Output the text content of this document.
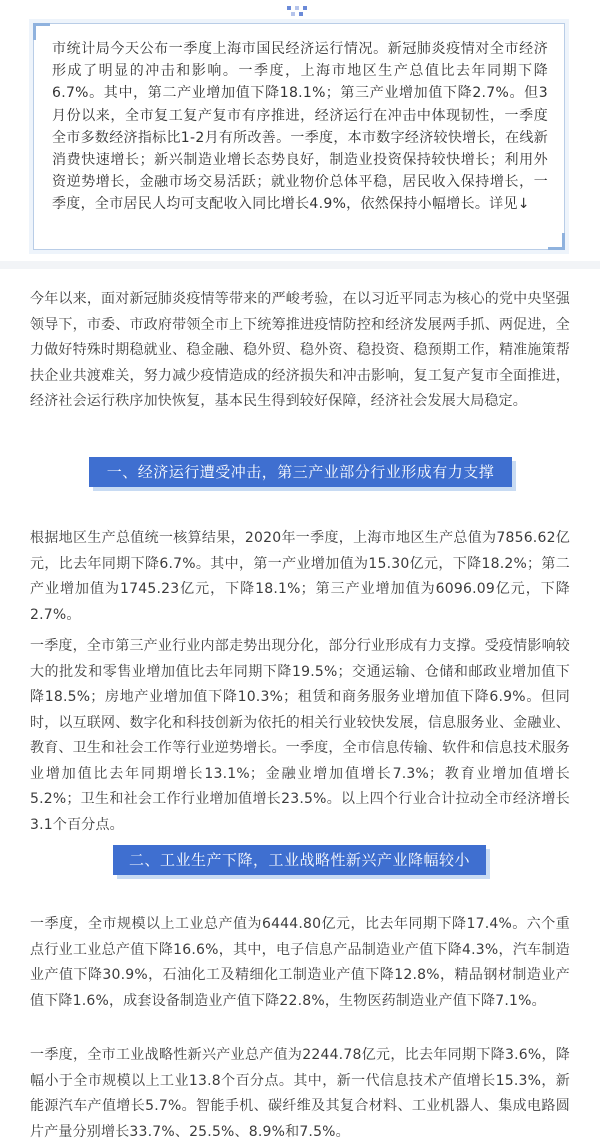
市统计局今天公布一季度上海市国民经济运行情况。新冠肺炎疫情对全市经济形成了明显的冲击和影响。一季度，上海市地区生产总值比去年同期下降6.7%。其中，第二产业增加值下降18.1%；第三产业增加值下降2.7%。但3月份以来，全市复工复产复市有序推进，经济运行在冲击中体现韧性，一季度全市多数经济指标比1-2月有所改善。一季度，本市数字经济较快增长，在线新消费快速增长；新兴制造业增长态势良好，制造业投资保持较快增长；利用外资逆势增长，金融市场交易活跃；就业物价总体平稳，居民收入保持增长，一季度，全市居民人均可支配收入同比增长4.9%，依然保持小幅增长。详见↓

今年以来，面对新冠肺炎疫情等带来的严峻考验，在以习近平同志为核心的党中央坚强领导下，市委、市政府带领全市上下统筹推进疫情防控和经济发展两手抓、两促进，全力做好特殊时期稳就业、稳金融、稳外贸、稳外资、稳投资、稳预期工作，精准施策帮扶企业共渡难关，努力减少疫情造成的经济损失和冲击影响，复工复产复市全面推进，经济社会运行秩序加快恢复，基本民生得到较好保障，经济社会发展大局稳定。

一、经济运行遭受冲击，第三产业部分行业形成有力支撑

根据地区生产总值统一核算结果，2020年一季度，上海市地区生产总值为7856.62亿元，比去年同期下降6.7%。其中，第一产业增加值为15.30亿元，下降18.2%；第二产业增加值为1745.23亿元，下降18.1%；第三产业增加值为6096.09亿元，下降2.7%。

一季度，全市第三产业行业内部走势出现分化，部分行业形成有力支撑。受疫情影响较大的批发和零售业增加值比去年同期下降19.5%；交通运输、仓储和邮政业增加值下降18.5%；房地产业增加值下降10.3%；租赁和商务服务业增加值下降6.9%。但同时，以互联网、数字化和科技创新为依托的相关行业较快发展，信息服务业、金融业、教育、卫生和社会工作等行业逆势增长。一季度，全市信息传输、软件和信息技术服务业增加值比去年同期增长13.1%；金融业增加值增长7.3%；教育业增加值增长5.2%；卫生和社会工作行业增加值增长23.5%。以上四个行业合计拉动全市经济增长3.1个百分点。

二、工业生产下降，工业战略性新兴产业降幅较小

一季度，全市规模以上工业总产值为6444.80亿元，比去年同期下降17.4%。六个重点行业工业总产值下降16.6%，其中，电子信息产品制造业产值下降4.3%，汽车制造业产值下降30.9%，石油化工及精细化工制造业产值下降12.8%，精品钢材制造业产值下降1.6%，成套设备制造业产值下降22.8%，生物医药制造业产值下降7.1%。

一季度，全市工业战略性新兴产业总产值为2244.78亿元，比去年同期下降3.6%，降幅小于全市规模以上工业13.8个百分点。其中，新一代信息技术产值增长15.3%，新能源汽车产值增长5.7%。智能手机、碳纤维及其复合材料、工业机器人、集成电路圆片产量分别增长33.7%、25.5%、8.9%和7.5%。
